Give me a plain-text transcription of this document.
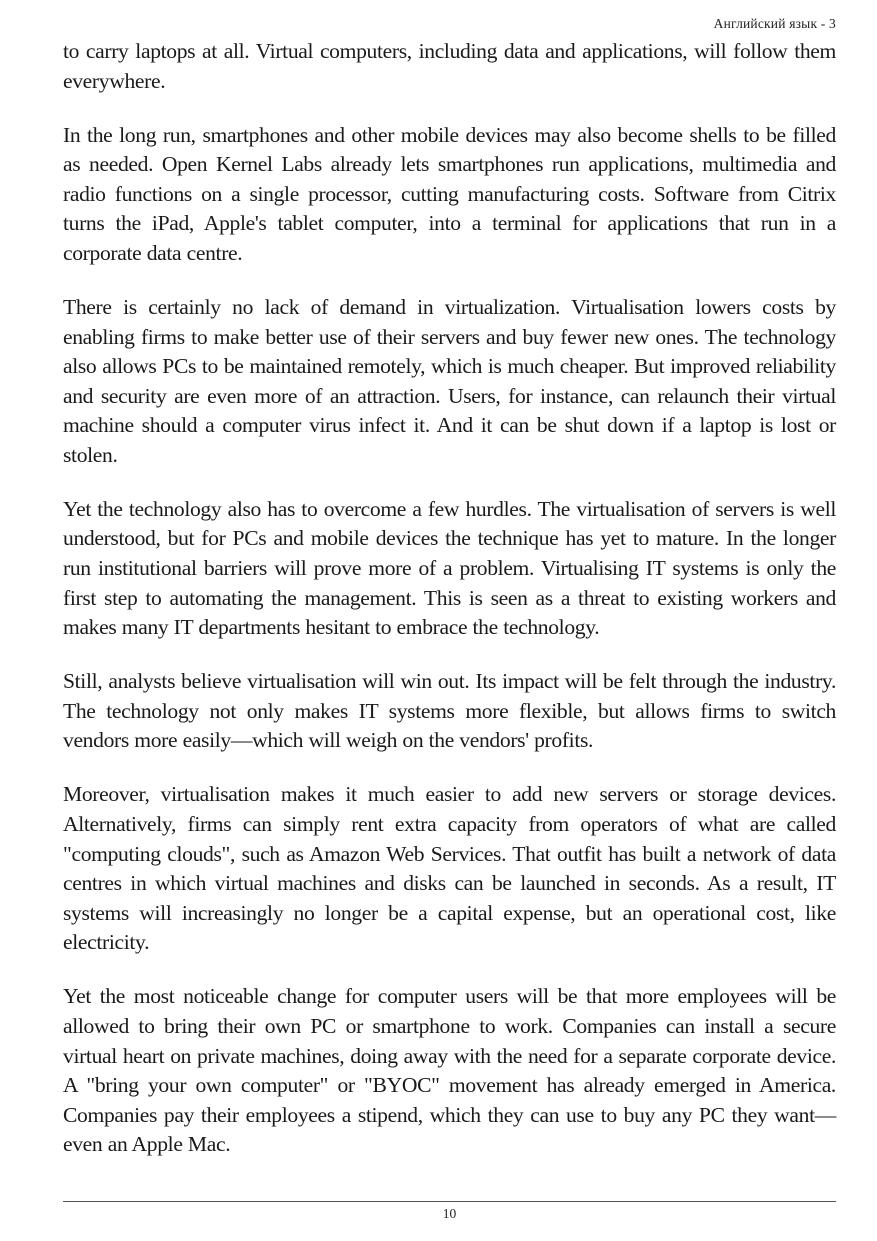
Английский язык - 3

to carry laptops at all. Virtual computers, including data and applications, will follow them everywhere.

In the long run, smartphones and other mobile devices may also become shells to be filled as needed. Open Kernel Labs already lets smartphones run applications, multimedia and radio functions on a single processor, cutting manufacturing costs. Software from Citrix turns the iPad, Apple's tablet computer, into a terminal for applications that run in a corporate data centre.

There is certainly no lack of demand in virtualization. Virtualisation lowers costs by enabling firms to make better use of their servers and buy fewer new ones. The technology also allows PCs to be maintained remotely, which is much cheaper. But improved reliability and security are even more of an attraction. Users, for instance, can relaunch their virtual machine should a computer virus infect it. And it can be shut down if a laptop is lost or stolen.

Yet the technology also has to overcome a few hurdles. The virtualisation of servers is well understood, but for PCs and mobile devices the technique has yet to mature. In the longer run institutional barriers will prove more of a problem. Virtualising IT systems is only the first step to automating the management. This is seen as a threat to existing workers and makes many IT departments hesitant to embrace the technology.

Still, analysts believe virtualisation will win out. Its impact will be felt through the industry. The technology not only makes IT systems more flexible, but allows firms to switch vendors more easily—which will weigh on the vendors' profits.

Moreover, virtualisation makes it much easier to add new servers or storage devices. Alternatively, firms can simply rent extra capacity from operators of what are called "computing clouds", such as Amazon Web Services. That outfit has built a network of data centres in which virtual machines and disks can be launched in seconds. As a result, IT systems will increasingly no longer be a capital expense, but an operational cost, like electricity.

Yet the most noticeable change for computer users will be that more employees will be allowed to bring their own PC or smartphone to work. Companies can install a secure virtual heart on private machines, doing away with the need for a separate corporate device. A "bring your own computer" or "BYOC" movement has already emerged in America. Companies pay their employees a stipend, which they can use to buy any PC they want—even an Apple Mac.

10
